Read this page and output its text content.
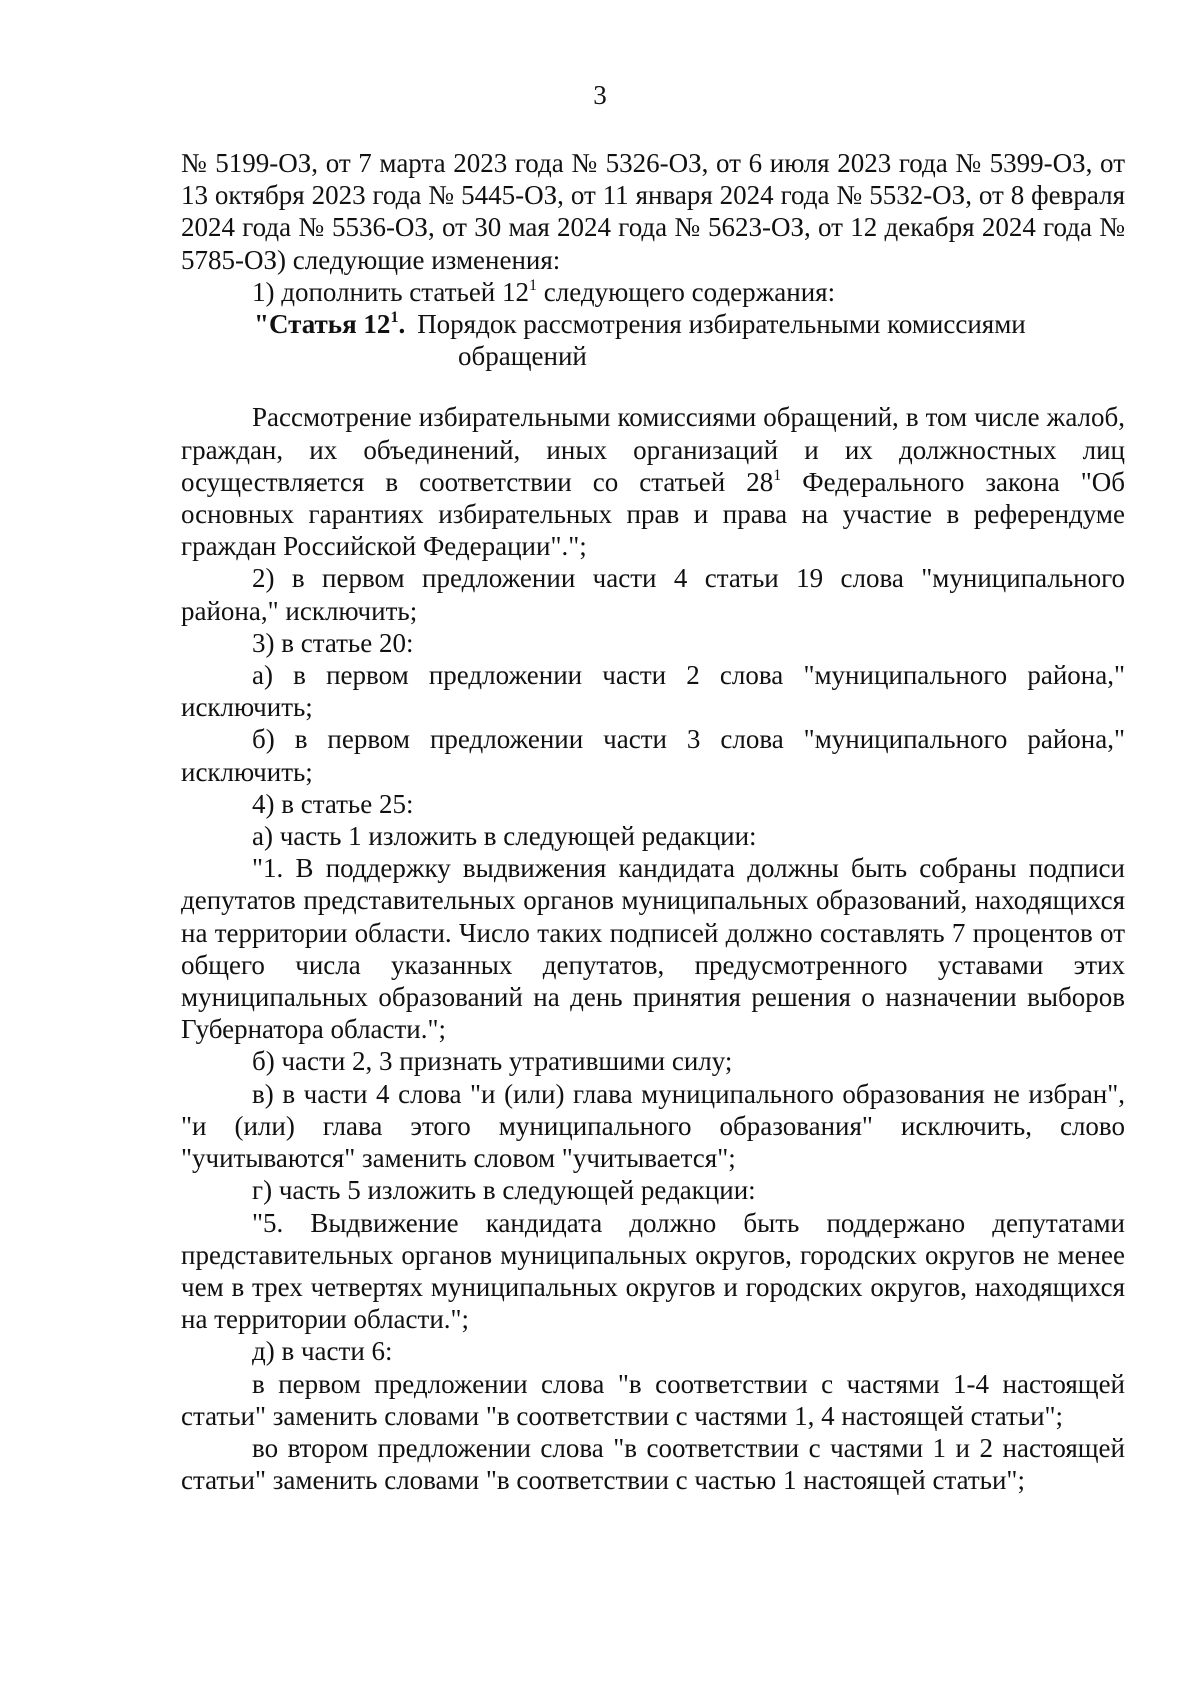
3

№ 5199-ОЗ, от 7 марта 2023 года № 5326-ОЗ, от 6 июля 2023 года № 5399-ОЗ, от 13 октября 2023 года № 5445-ОЗ, от 11 января 2024 года № 5532-ОЗ, от 8 февраля 2024 года № 5536-ОЗ, от 30 мая 2024 года № 5623-ОЗ, от 12 декабря 2024 года № 5785-ОЗ) следующие изменения:

1) дополнить статьей $12^1$ следующего содержания:

"Статья $12^1$. Порядок рассмотрения избирательными комиссиями
обращений

Рассмотрение избирательными комиссиями обращений, в том числе жалоб, граждан, их объединений, иных организаций и их должностных лиц осуществляется в соответствии со статьей $28^1$ Федерального закона "Об основных гарантиях избирательных прав и права на участие в референдуме граждан Российской Федерации".";

2) в первом предложении части 4 статьи 19 слова "муниципального района," исключить;

3) в статье 20:

а) в первом предложении части 2 слова "муниципального района," исключить;

б) в первом предложении части 3 слова "муниципального района," исключить;

4) в статье 25:

а) часть 1 изложить в следующей редакции:

"1. В поддержку выдвижения кандидата должны быть собраны подписи депутатов представительных органов муниципальных образований, находящихся на территории области. Число таких подписей должно составлять 7 процентов от общего числа указанных депутатов, предусмотренного уставами этих муниципальных образований на день принятия решения о назначении выборов Губернатора области.";

б) части 2, 3 признать утратившими силу;

в) в части 4 слова "и (или) глава муниципального образования не избран", "и (или) глава этого муниципального образования" исключить, слово "учитываются" заменить словом "учитывается";

г) часть 5 изложить в следующей редакции:

"5. Выдвижение кандидата должно быть поддержано депутатами представительных органов муниципальных округов, городских округов не менее чем в трех четвертях муниципальных округов и городских округов, находящихся на территории области.";

д) в части 6:

в первом предложении слова "в соответствии с частями 1-4 настоящей статьи" заменить словами "в соответствии с частями 1, 4 настоящей статьи";

во втором предложении слова "в соответствии с частями 1 и 2 настоящей статьи" заменить словами "в соответствии с частью 1 настоящей статьи";
